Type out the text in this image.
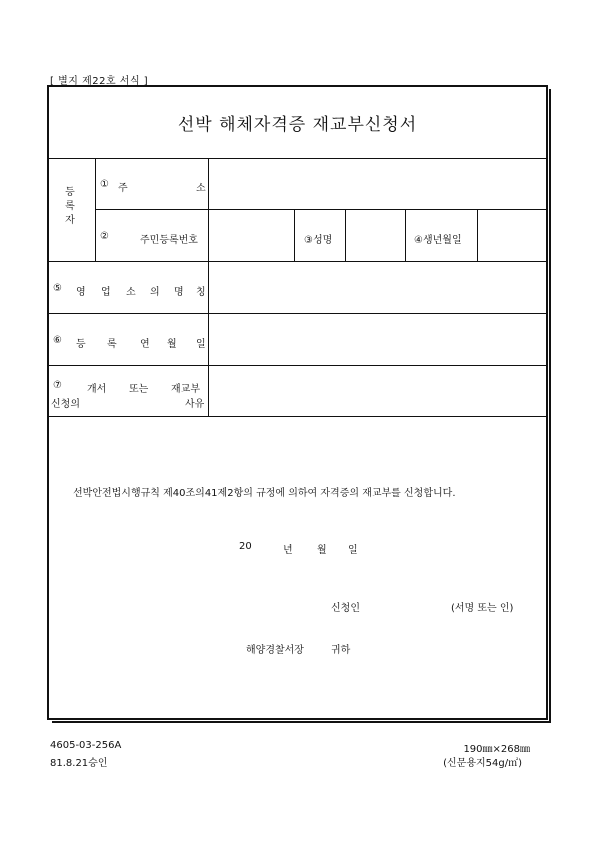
[ 별지 제22호 서식 ]
선박 해체자격증 재교부신청서
등록자
① 주	소
②	주민등록번호	③성명	④생년월일
⑤ 영 업 소 의 명 칭
⑥ 등 록 연 월 일
⑦	개서 또는 재교부
신청의	사유
선박안전법시행규칙 제40조의41제2항의 규정에 의하여 자격증의 재교부를 신청합니다.
20	년 월 일
신청인	(서명 또는 인)
해양경찰서장	귀하
4605-03-256A
81.8.21승인
190㎜×268㎜
(신문용지54g/㎡)
